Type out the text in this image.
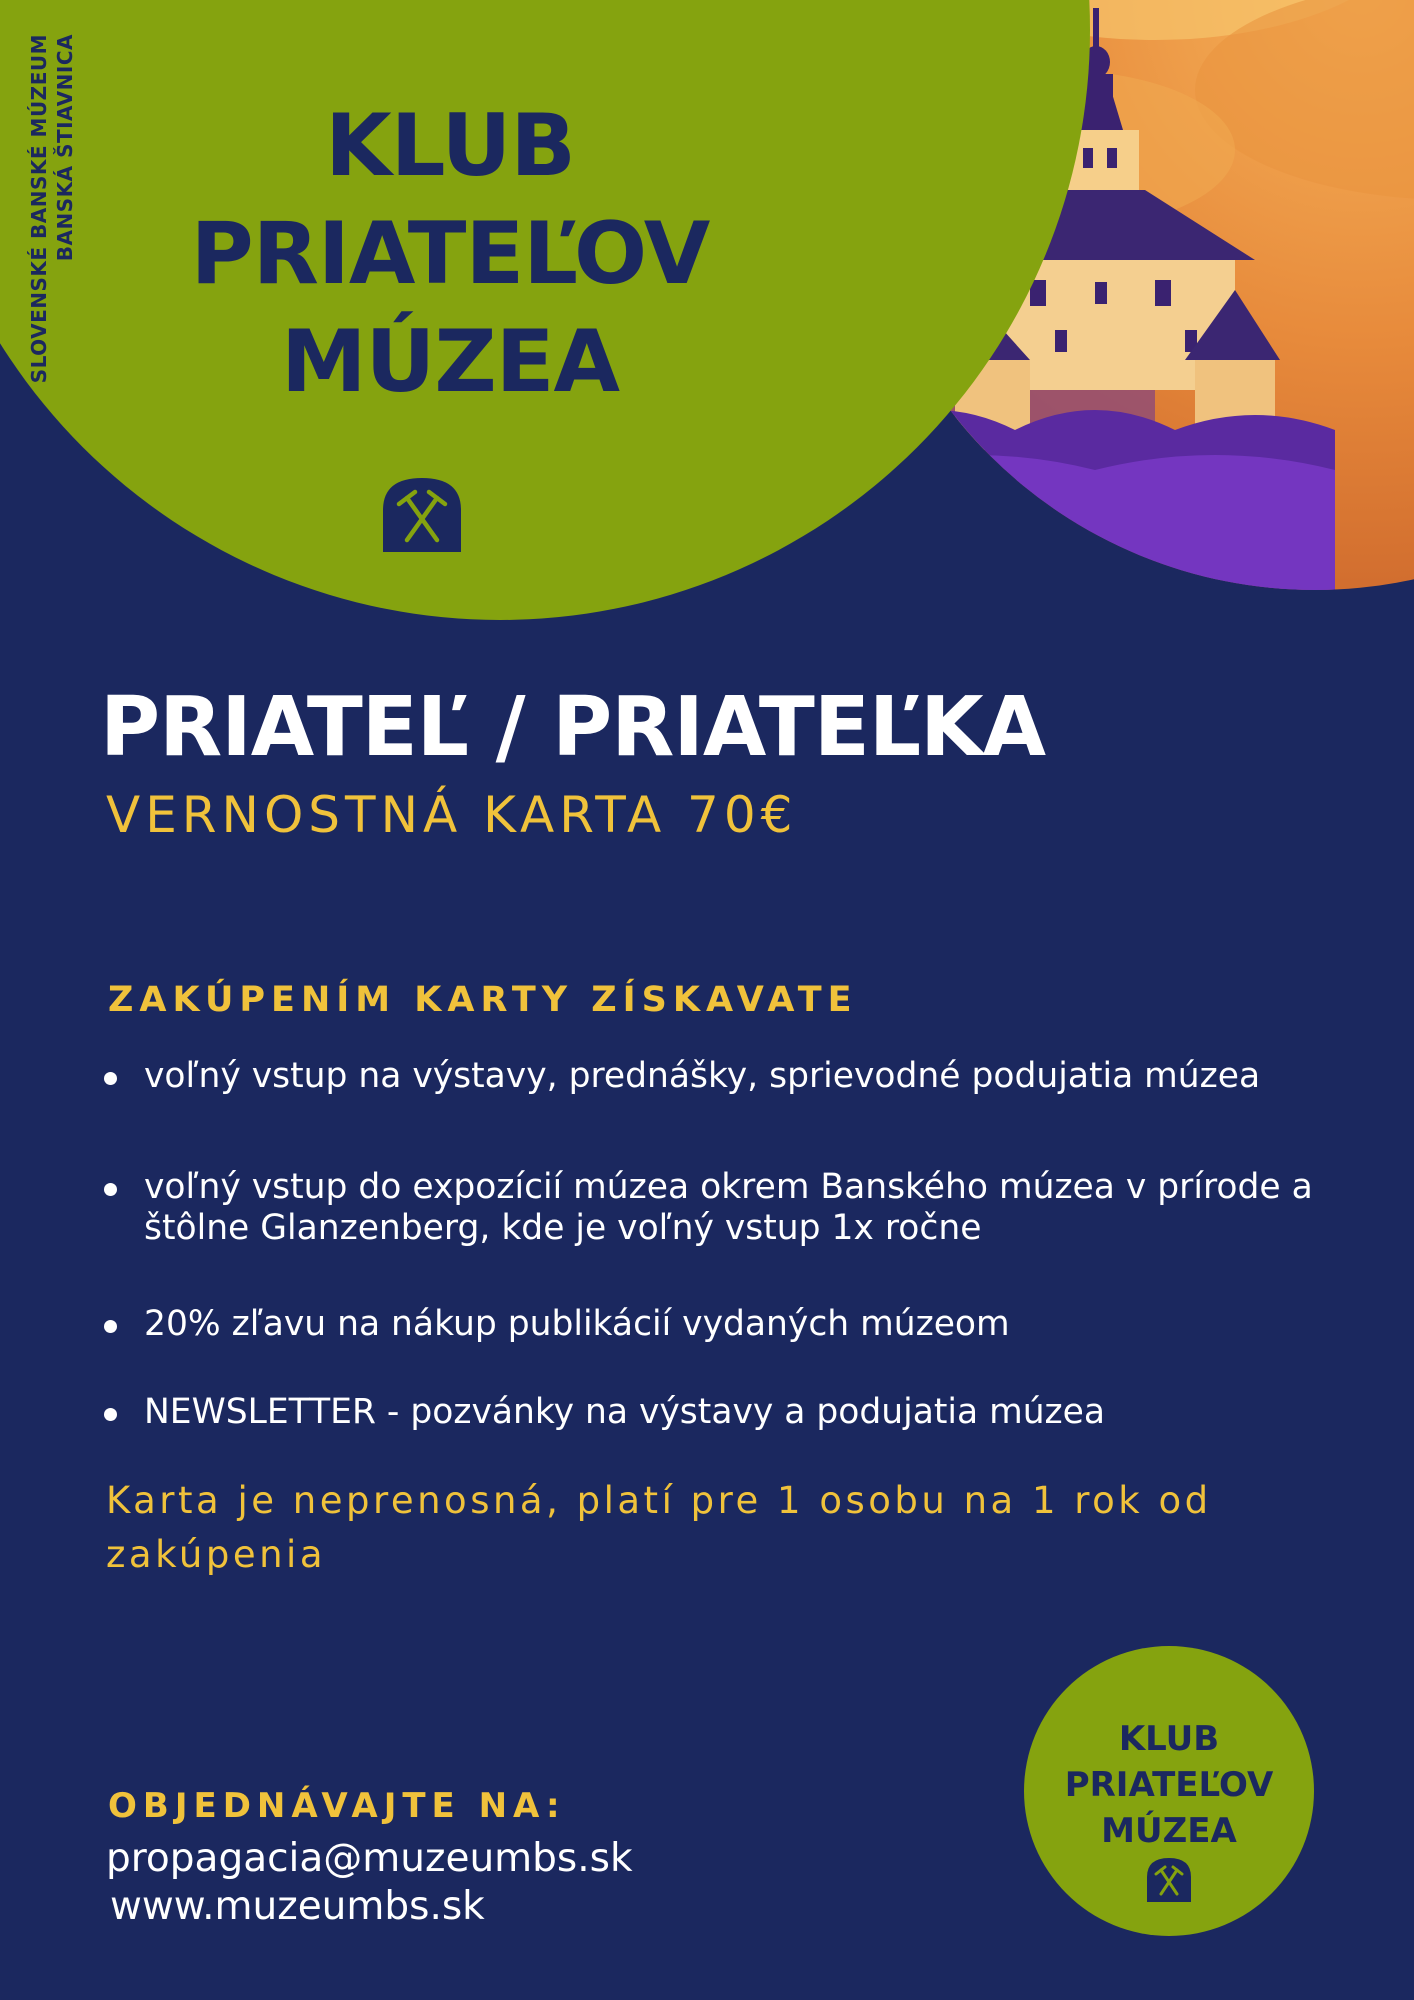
SLOVENSKÉ BANSKÉ MÚZEUM BANSKÁ ŠTIAVNICA	KLUB
PRIATEĽOV
MÚZEA
PRIATEĽ / PRIATEĽKA
VERNOSTNÁ KARTA 70€
ZAKÚPENÍM KARTY ZÍSKAVATE
voľný vstup na výstavy, prednášky, sprievodné podujatia múzea
voľný vstup do expozícií múzea okrem Banského múzea v prírode a štôlne Glanzenberg, kde je voľný vstup 1x ročne
20% zľavu na nákup publikácií vydaných múzeom
NEWSLETTER - pozvánky na výstavy a podujatia múzea
Karta je neprenosná, platí pre 1 osobu na 1 rok od zakúpenia
OBJEDNÁVAJTE NA:
propagacia@muzeumbs.sk
www.muzeumbs.sk
KLUB
PRIATEĽOV
MÚZEA
